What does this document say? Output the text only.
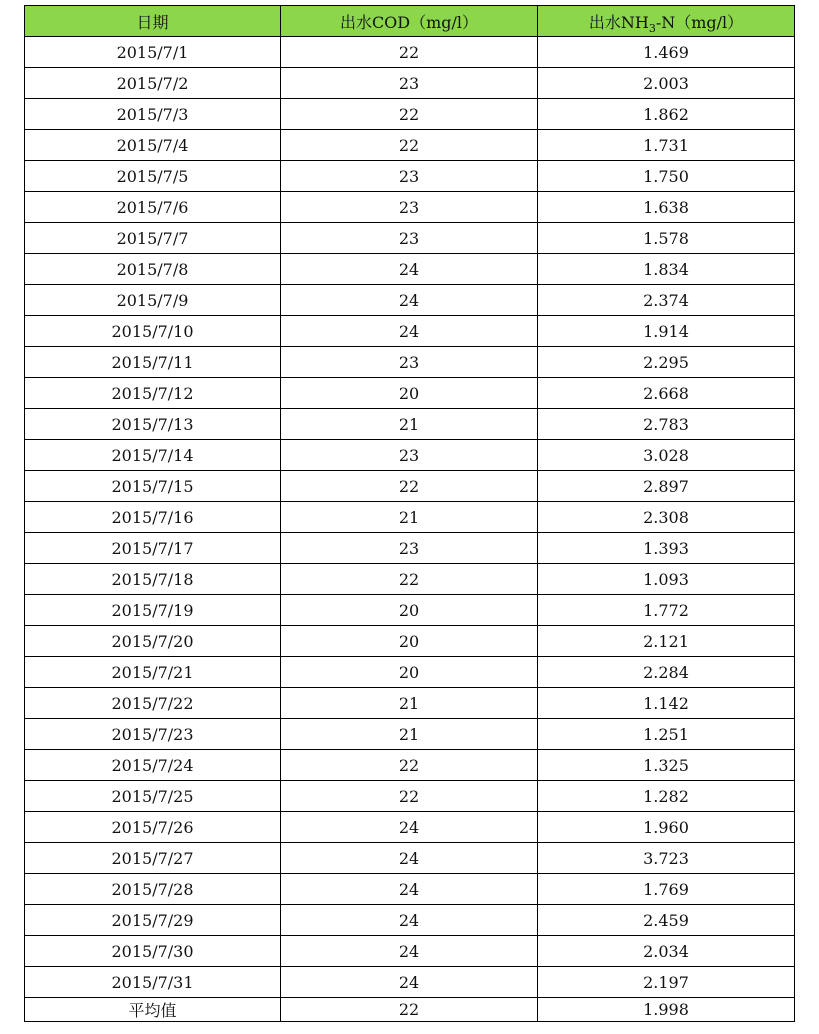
日期	出水COD（mg/l）	出水$NH_3-N(mg/l)$
2015/7/1	22	1.469
2015/7/2	23	2.003
2015/7/3	22	1.862
2015/7/4	22	1.731
2015/7/5	23	1.750
2015/7/6	23	1.638
2015/7/7	23	1.578
2015/7/8	24	1.834
2015/7/9	24	2.374
2015/7/10	24	1.914
2015/7/11	23	2.295
2015/7/12	20	2.668
2015/7/13	21	2.783
2015/7/14	23	3.028
2015/7/15	22	2.897
2015/7/16	21	2.308
2015/7/17	23	1.393
2015/7/18	22	1.093
2015/7/19	20	1.772
2015/7/20	20	2.121
2015/7/21	20	2.284
2015/7/22	21	1.142
2015/7/23	21	1.251
2015/7/24	22	1.325
2015/7/25	22	1.282
2015/7/26	24	1.960
2015/7/27	24	3.723
2015/7/28	24	1.769
2015/7/29	24	2.459
2015/7/30	24	2.034
2015/7/31	24	2.197
平均值	22	1.998
